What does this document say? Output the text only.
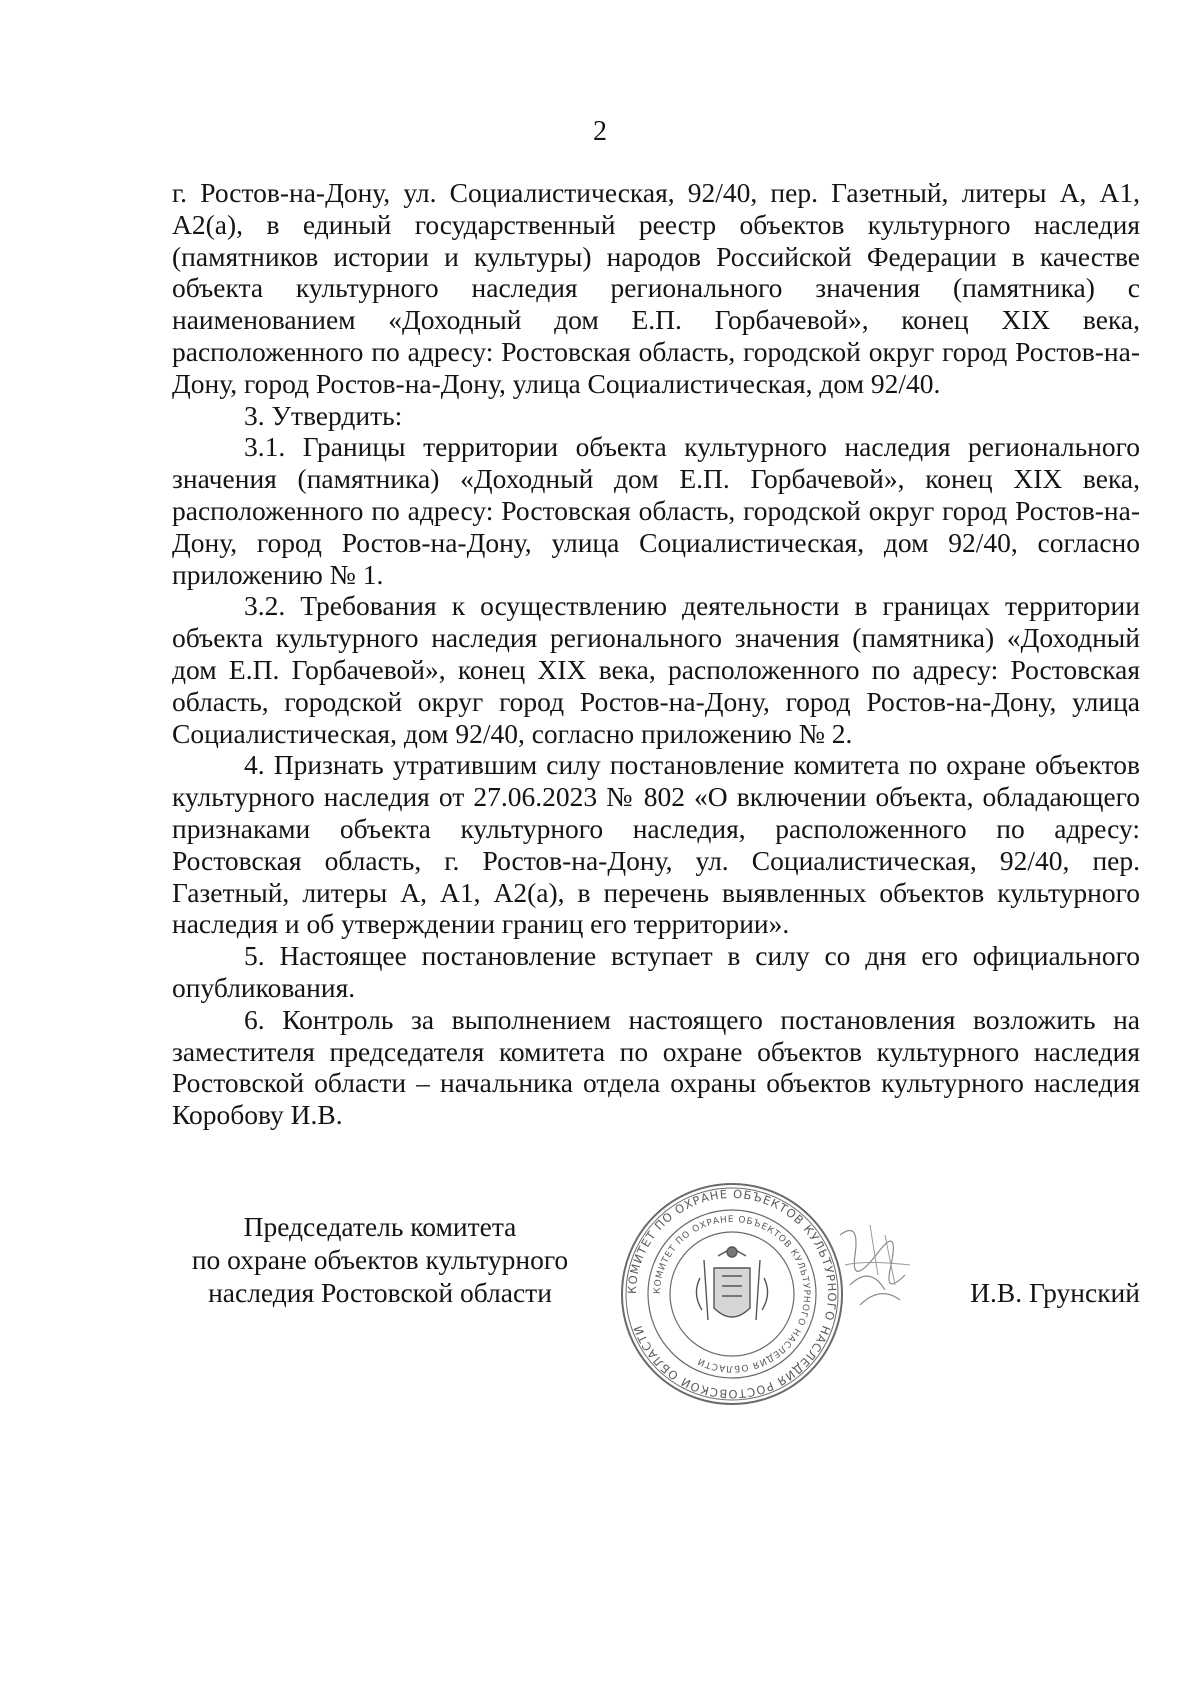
2

г. Ростов-на-Дону, ул. Социалистическая, 92/40, пер. Газетный, литеры А, А1, А2(а), в единый государственный реестр объектов культурного наследия (памятников истории и культуры) народов Российской Федерации в качестве объекта культурного наследия регионального значения (памятника) с наименованием «Доходный дом Е.П. Горбачевой», конец XIX века, расположенного по адресу: Ростовская область, городской округ город Ростов-на-Дону, город Ростов-на-Дону, улица Социалистическая, дом 92/40.

3. Утвердить:

3.1. Границы территории объекта культурного наследия регионального значения (памятника) «Доходный дом Е.П. Горбачевой», конец XIX века, расположенного по адресу: Ростовская область, городской округ город Ростов-на-Дону, город Ростов-на-Дону, улица Социалистическая, дом 92/40, согласно приложению № 1.

3.2. Требования к осуществлению деятельности в границах территории объекта культурного наследия регионального значения (памятника) «Доходный дом Е.П. Горбачевой», конец XIX века, расположенного по адресу: Ростовская область, городской округ город Ростов-на-Дону, город Ростов-на-Дону, улица Социалистическая, дом 92/40, согласно приложению № 2.

4. Признать утратившим силу постановление комитета по охране объектов культурного наследия от 27.06.2023 № 802 «О включении объекта, обладающего признаками объекта культурного наследия, расположенного по адресу: Ростовская область, г. Ростов-на-Дону, ул. Социалистическая, 92/40, пер. Газетный, литеры А, А1, А2(а), в перечень выявленных объектов культурного наследия и об утверждении границ его территории».

5. Настоящее постановление вступает в силу со дня его официального опубликования.

6. Контроль за выполнением настоящего постановления возложить на заместителя председателя комитета по охране объектов культурного наследия Ростовской области – начальника отдела охраны объектов культурного наследия Коробову И.В.

Председатель комитета
по охране объектов культурного
наследия Ростовской области	И.В. Грунский
КОМИТЕТ ПО ОХРАНЕ ОБЪЕКТОВ КУЛЬТУРНОГО НАСЛЕДИЯ РОСТОВСКОЙ ОБЛАСТИ
КОМИТЕТ ПО ОХРАНЕ ОБЪЕКТОВ КУЛЬТУРНОГО НАСЛЕДИЯ ОБЛАСТИ
